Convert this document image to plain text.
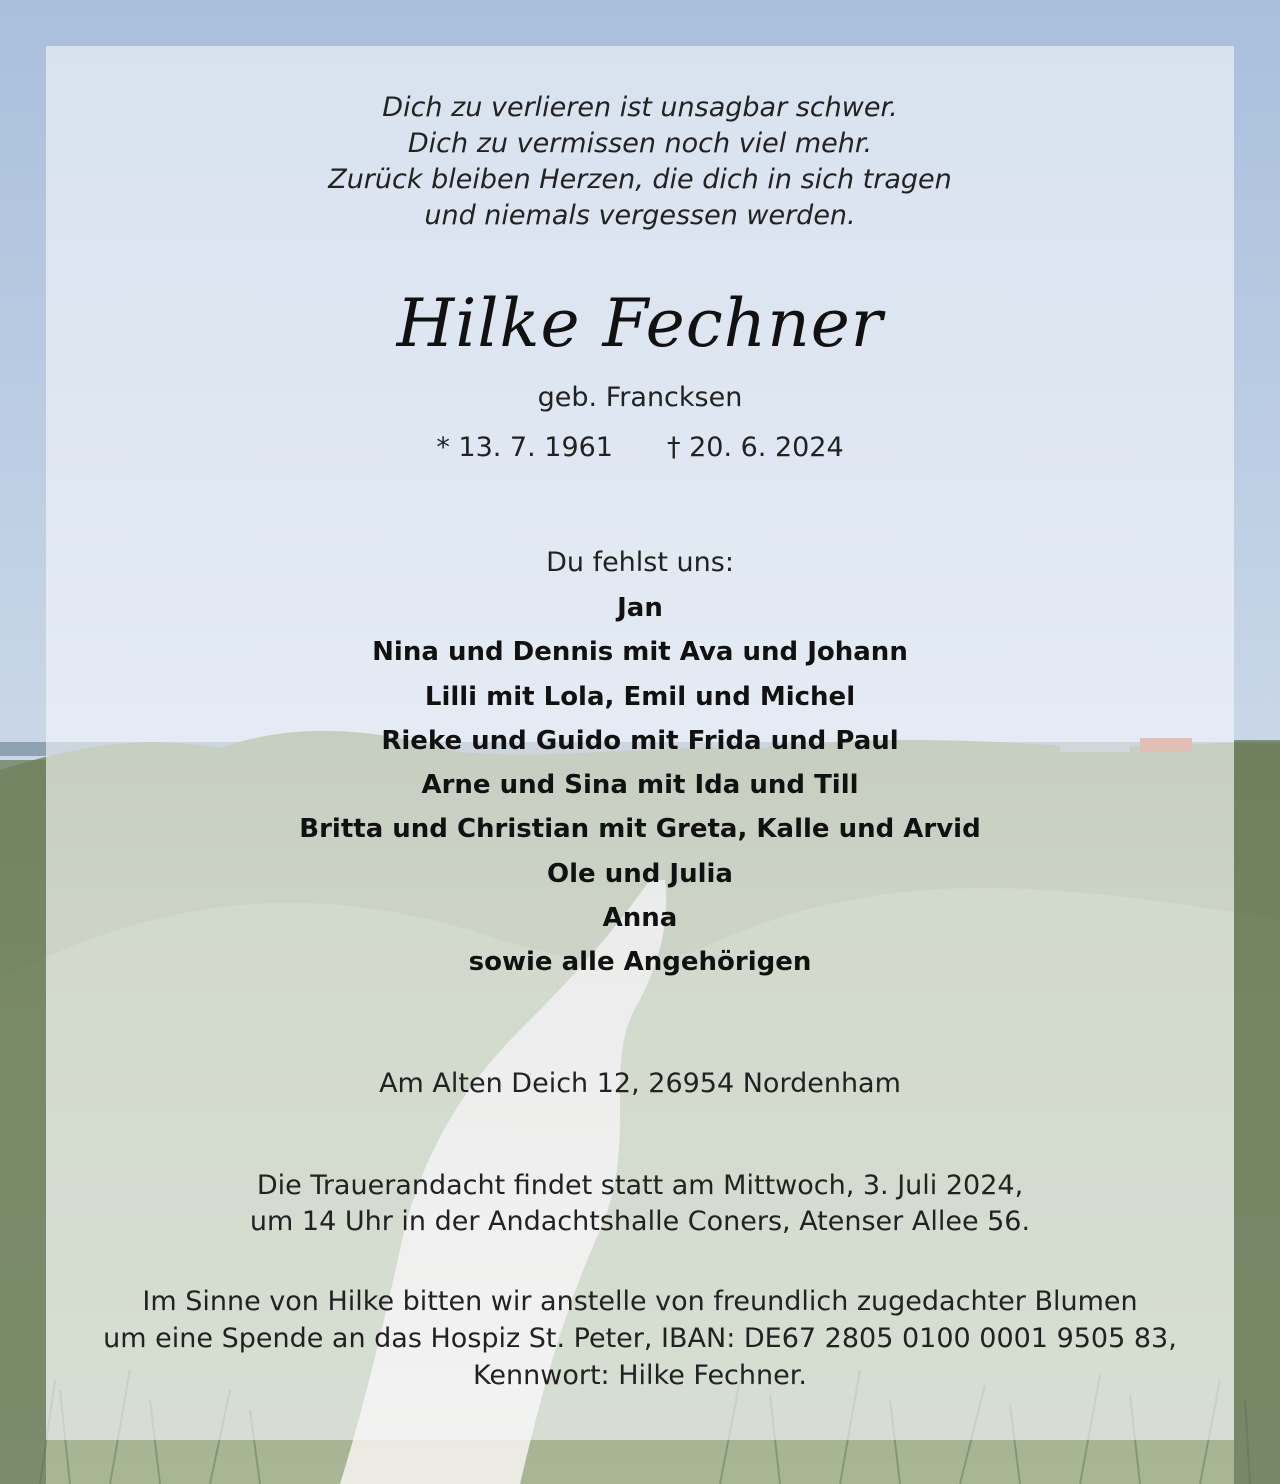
Dich zu verlieren ist unsagbar schwer.
Dich zu vermissen noch viel mehr.
Zurück bleiben Herzen, die dich in sich tragen
und niemals vergessen werden.
Hilke Fechner
geb. Francksen
* 13. 7. 1961 † 20. 6. 2024
Du fehlst uns:
Jan
Nina und Dennis mit Ava und Johann
Lilli mit Lola, Emil und Michel
Rieke und Guido mit Frida und Paul
Arne und Sina mit Ida und Till
Britta und Christian mit Greta, Kalle und Arvid
Ole und Julia
Anna
sowie alle Angehörigen
Am Alten Deich 12, 26954 Nordenham
Die Trauerandacht findet statt am Mittwoch, 3. Juli 2024,
um 14 Uhr in der Andachtshalle Coners, Atenser Allee 56.
Im Sinne von Hilke bitten wir anstelle von freundlich zugedachter Blumen
um eine Spende an das Hospiz St. Peter, IBAN: DE67 2805 0100 0001 9505 83,
Kennwort: Hilke Fechner.
